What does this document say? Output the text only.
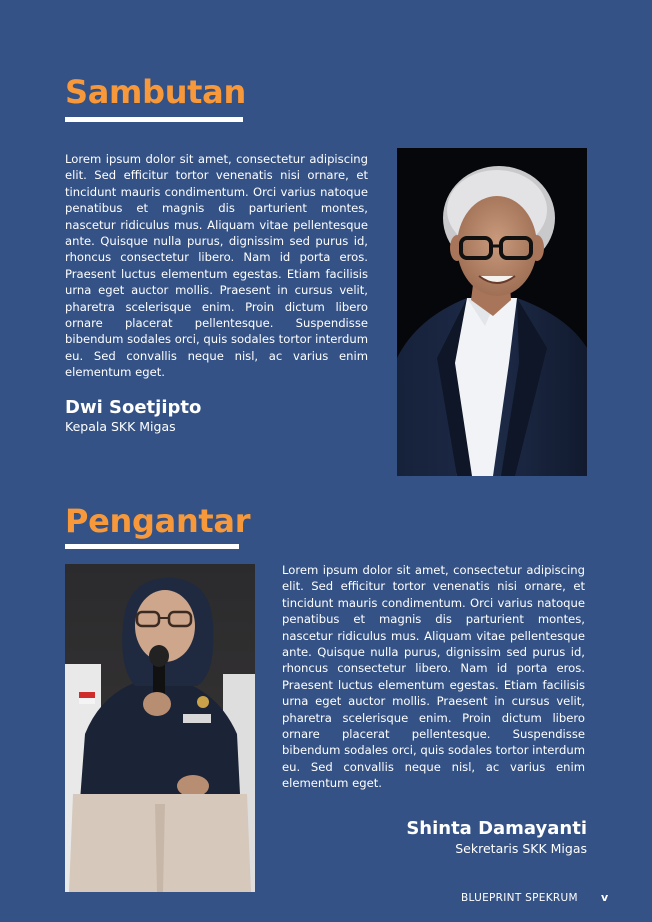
Sambutan

Lorem ipsum dolor sit amet, consectetur adipiscing elit. Sed efficitur tortor venenatis nisi ornare, et tincidunt mauris condimentum. Orci varius natoque penatibus et magnis dis parturient montes, nascetur ridiculus mus. Aliquam vitae pellentesque ante. Quisque nulla purus, dignissim sed purus id, rhoncus consectetur libero. Nam id porta eros. Praesent luctus elementum egestas. Etiam facilisis urna eget auctor mollis. Praesent in cursus velit, pharetra scelerisque enim. Proin dictum libero ornare placerat pellentesque. Suspendisse bibendum sodales orci, quis sodales tortor interdum eu. Sed convallis neque nisl, ac varius enim elementum eget.

Dwi Soetjipto
Kepala SKK Migas
Pengantar

Lorem ipsum dolor sit amet, consectetur adipiscing elit. Sed efficitur tortor venenatis nisi ornare, et tincidunt mauris condimentum. Orci varius natoque penatibus et magnis dis parturient montes, nascetur ridiculus mus. Aliquam vitae pellentesque ante. Quisque nulla purus, dignissim sed purus id, rhoncus consectetur libero. Nam id porta eros. Praesent luctus elementum egestas. Etiam facilisis urna eget auctor mollis. Praesent in cursus velit, pharetra scelerisque enim. Proin dictum libero ornare placerat pellentesque. Suspendisse bibendum sodales orci, quis sodales tortor interdum eu. Sed convallis neque nisl, ac varius enim elementum eget.

Shinta Damayanti
Sekretaris SKK Migas
BLUEPRINT SPEKRUM v
